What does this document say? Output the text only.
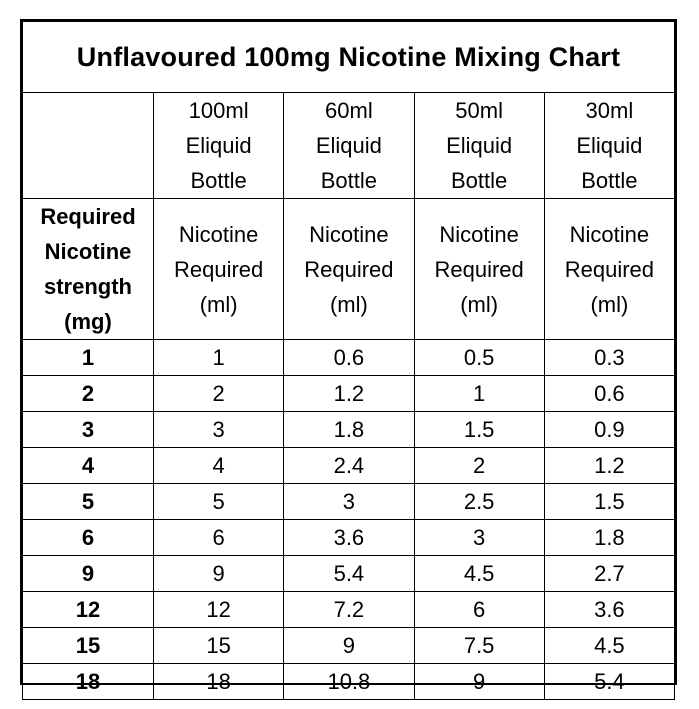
Unflavoured 100mg Nicotine Mixing Chart				

	100ml
Eliquid
Bottle	60ml
Eliquid
Bottle	50ml
Eliquid
Bottle	30ml
Eliquid
Bottle

Required
Nicotine
strength
(mg)	Nicotine
Required
(ml)	Nicotine
Required
(ml)	Nicotine
Required
(ml)	Nicotine
Required
(ml)

1	1	0.6	0.5	0.3
2	2	1.2	1	0.6
3	3	1.8	1.5	0.9
4	4	2.4	2	1.2
5	5	3	2.5	1.5
6	6	3.6	3	1.8
9	9	5.4	4.5	2.7
12	12	7.2	6	3.6
15	15	9	7.5	4.5
18	18	10.8	9	5.4
